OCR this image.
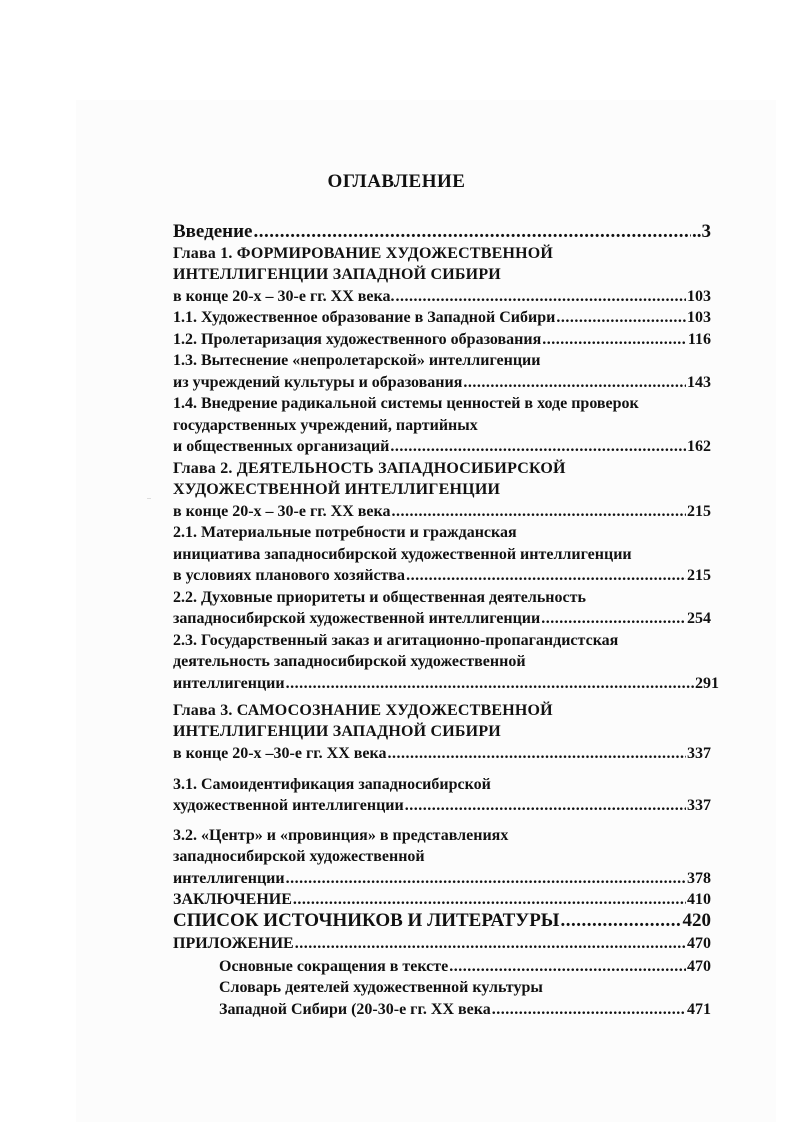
ОГЛАВЛЕНИЕ
Введение .....	..3
Глава 1. ФОРМИРОВАНИЕ ХУДОЖЕСТВЕННОЙ
ИНТЕЛЛИГЕНЦИИ ЗАПАДНОЙ СИБИРИ
в конце 20-х – 30-е гг. XX века. .....	103
1.1. Художественное образование в Западной Сибири .....	103
1.2. Пролетаризация художественного образования .....	116
1.3. Вытеснение «непролетарской» интеллигенции
из учреждений культуры и образования .....	143
1.4. Внедрение радикальной системы ценностей в ходе проверок
государственных учреждений, партийных
и общественных организаций .....	162
Глава 2. ДЕЯТЕЛЬНОСТЬ ЗАПАДНОСИБИРСКОЙ
ХУДОЖЕСТВЕННОЙ ИНТЕЛЛИГЕНЦИИ
в конце 20-х – 30-е гг. XX века .....	215
2.1. Материальные потребности и гражданская
инициатива западносибирской художественной интеллигенции
в условиях планового хозяйства .....	215
2.2. Духовные приоритеты и общественная деятельность
западносибирской художественной интеллигенции .....	254
2.3. Государственный заказ и агитационно-пропагандистская
деятельность западносибирской художественной
интеллигенции .....	291
Глава 3. САМОСОЗНАНИЕ ХУДОЖЕСТВЕННОЙ
ИНТЕЛЛИГЕНЦИИ ЗАПАДНОЙ СИБИРИ
в конце 20-х –30-е гг. XX века .....	337
3.1. Самоидентификация западносибирской
художественной интеллигенции .....	337
3.2. «Центр» и «провинция» в представлениях
западносибирской художественной
интеллигенции .....	378
ЗАКЛЮЧЕНИЕ .....	410
СПИСОК ИСТОЧНИКОВ И ЛИТЕРАТУРЫ .....	420
ПРИЛОЖЕНИЕ .....	470
Основные сокращения в тексте .....	470
Словарь деятелей художественной культуры
Западной Сибири (20-30-е гг. XX века .....	471
